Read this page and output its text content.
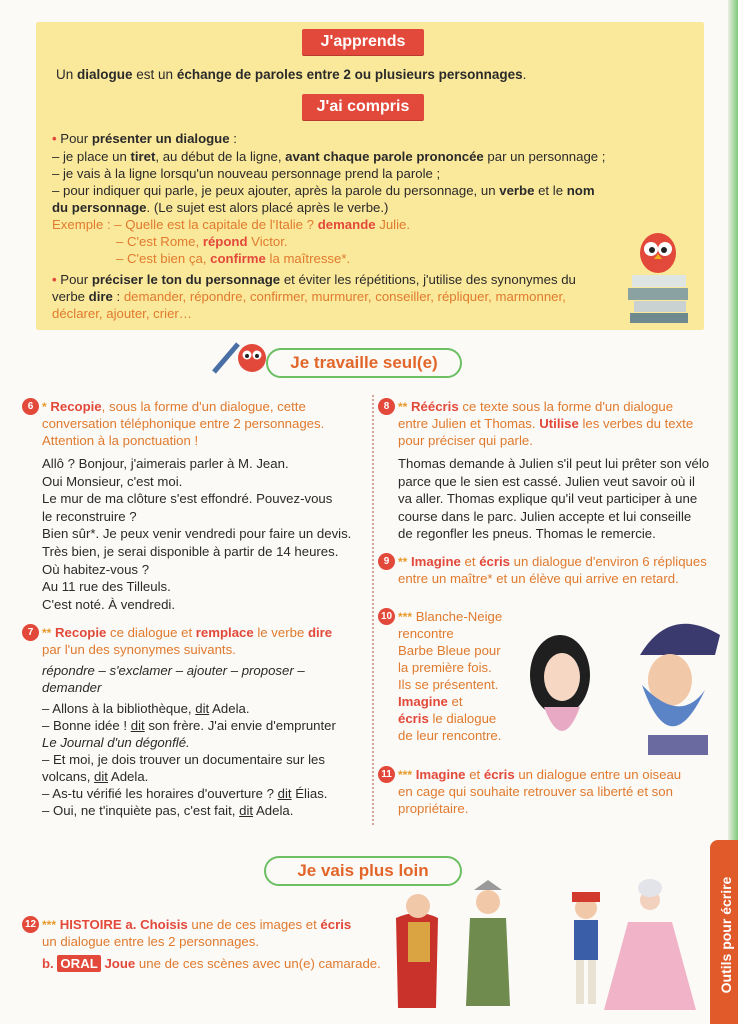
J'apprends
Un dialogue est un échange de paroles entre 2 ou plusieurs personnages.
J'ai compris
• Pour présenter un dialogue :
– je place un tiret, au début de la ligne, avant chaque parole prononcée par un personnage ;
– je vais à la ligne lorsqu'un nouveau personnage prend la parole ;
– pour indiquer qui parle, je peux ajouter, après la parole du personnage, un verbe et le nom
du personnage. (Le sujet est alors placé après le verbe.)
Exemple : – Quelle est la capitale de l'Italie ? demande Julie.
– C'est Rome, répond Victor.
– C'est bien ça, confirme la maîtresse*.
• Pour préciser le ton du personnage et éviter les répétitions, j'utilise des synonymes du
verbe dire : demander, répondre, confirmer, murmurer, conseiller, répliquer, marmonner,
déclarer, ajouter, crier…
Je travaille seul(e)
6 * Recopie, sous la forme d'un dialogue, cette
conversation téléphonique entre 2 personnages.
Attention à la ponctuation !
Allô ? Bonjour, j'aimerais parler à M. Jean.
Oui Monsieur, c'est moi.
Le mur de ma clôture s'est effondré. Pouvez-vous
le reconstruire ?
Bien sûr*. Je peux venir vendredi pour faire un devis.
Très bien, je serai disponible à partir de 14 heures.
Où habitez-vous ?
Au 11 rue des Tilleuls.
C'est noté. À vendredi.
7 ** Recopie ce dialogue et remplace le verbe dire
par l'un des synonymes suivants.
répondre – s'exclamer – ajouter – proposer –
demander
– Allons à la bibliothèque, dit Adela.
– Bonne idée ! dit son frère. J'ai envie d'emprunter
Le Journal d'un dégonflé.
– Et moi, je dois trouver un documentaire sur les
volcans, dit Adela.
– As-tu vérifié les horaires d'ouverture ? dit Élias.
– Oui, ne t'inquiète pas, c'est fait, dit Adela.
8 ** Réécris ce texte sous la forme d'un dialogue
entre Julien et Thomas. Utilise les verbes du texte
pour préciser qui parle.
Thomas demande à Julien s'il peut lui prêter son vélo
parce que le sien est cassé. Julien veut savoir où il
va aller. Thomas explique qu'il veut participer à une
course dans le parc. Julien accepte et lui conseille
de regonfler les pneus. Thomas le remercie.
9 ** Imagine et écris un dialogue d'environ 6 répliques
entre un maître* et un élève qui arrive en retard.
10 *** Blanche-Neige
rencontre
Barbe Bleue pour
la première fois.
Ils se présentent.
Imagine et
écris le dialogue
de leur rencontre.
11 *** Imagine et écris un dialogue entre un oiseau
en cage qui souhaite retrouver sa liberté et son
propriétaire.
Je vais plus loin
12 *** HISTOIRE a. Choisis une de ces images et écris
un dialogue entre les 2 personnages.
b. ORAL Joue une de ces scènes avec un(e) camarade.	Outils pour écrire
